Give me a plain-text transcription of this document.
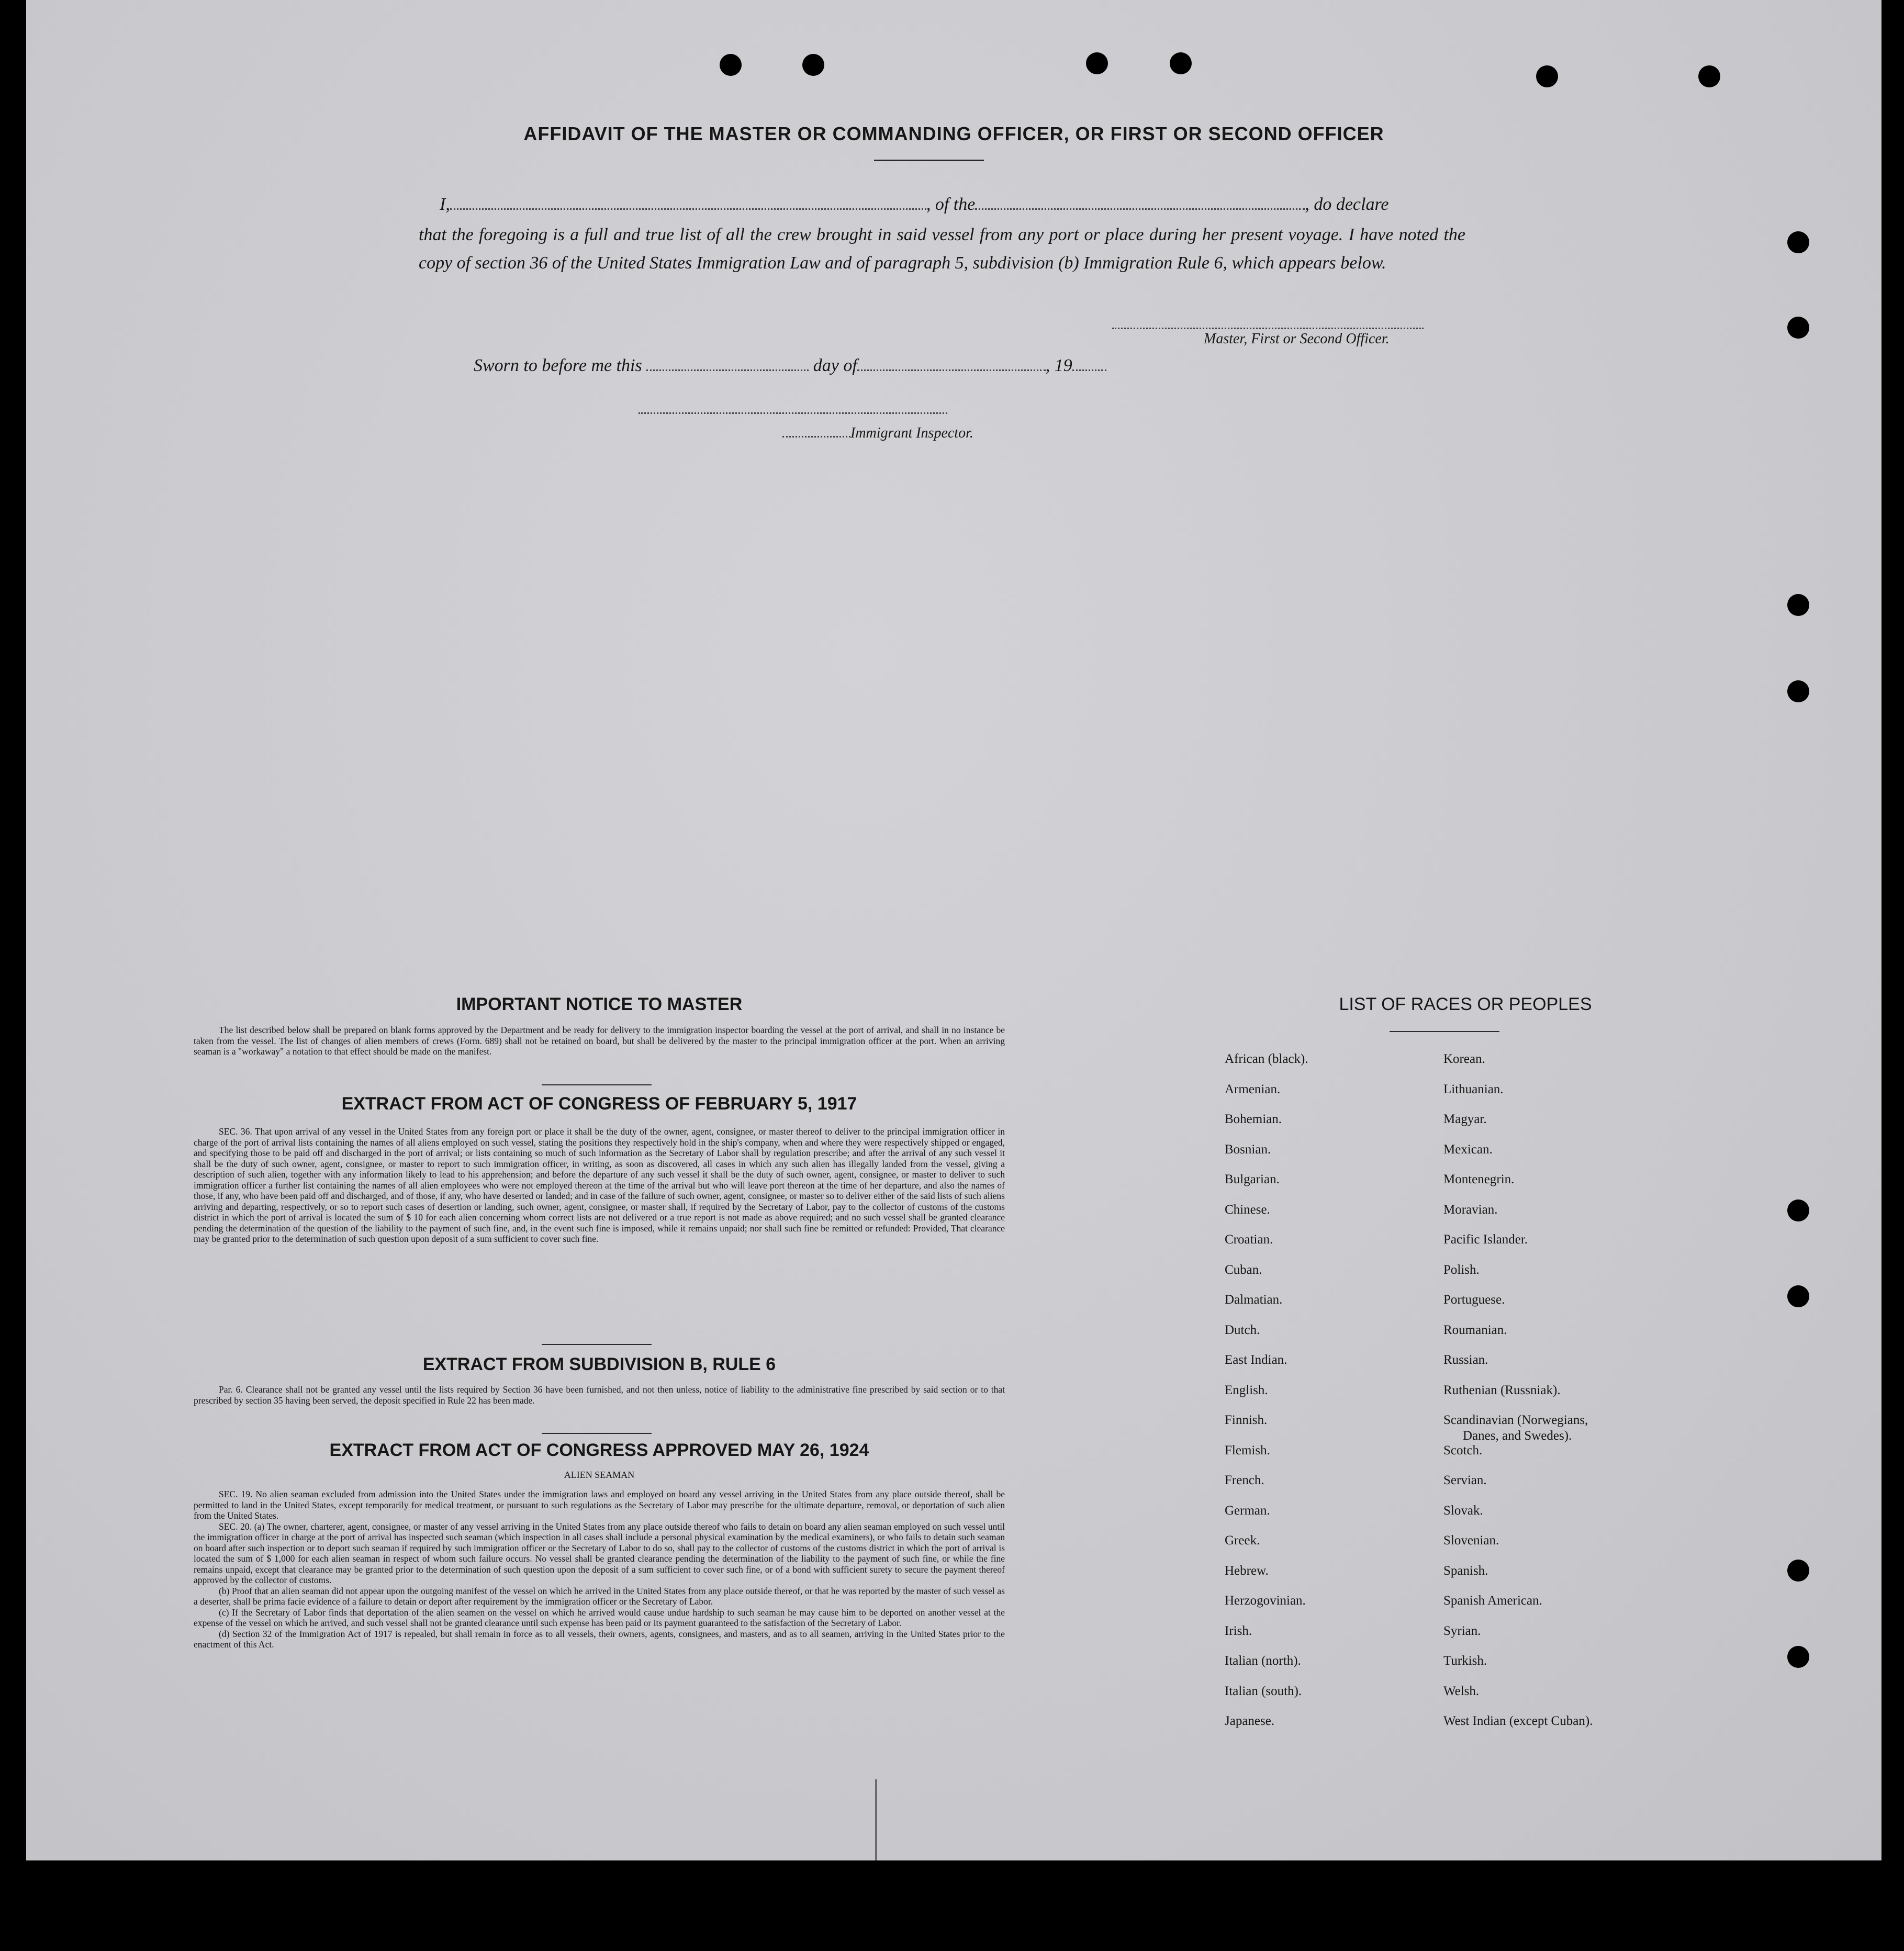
AFFIDAVIT OF THE MASTER OR COMMANDING OFFICER, OR FIRST OR SECOND OFFICER
I,	, of the	, do declare
that the foregoing is a full and true list of all the crew brought in said vessel from any port or place during her present voyage. I have noted the copy of section 36 of the United States Immigration Law and of paragraph 5, subdivision (b) Immigration Rule 6, which appears below.
Master, First or Second Officer.
Sworn to before me this	day of	, 19
Immigrant Inspector.
IMPORTANT NOTICE TO MASTER

The list described below shall be prepared on blank forms approved by the Department and be ready for delivery to the immigration inspector boarding the vessel at the port of arrival, and shall in no instance be taken from the vessel. The list of changes of alien members of crews (Form. 689) shall not be retained on board, but shall be delivered by the master to the principal immigration officer at the port. When an arriving seaman is a "workaway" a notation to that effect should be made on the manifest.

EXTRACT FROM ACT OF CONGRESS OF FEBRUARY 5, 1917

SEC. 36. That upon arrival of any vessel in the United States from any foreign port or place it shall be the duty of the owner, agent, consignee, or master thereof to deliver to the principal immigration officer in charge of the port of arrival lists containing the names of all aliens employed on such vessel, stating the positions they respectively hold in the ship's company, when and where they were respectively shipped or engaged, and specifying those to be paid off and discharged in the port of arrival; or lists containing so much of such information as the Secretary of Labor shall by regulation prescribe; and after the arrival of any such vessel it shall be the duty of such owner, agent, consignee, or master to report to such immigration officer, in writing, as soon as discovered, all cases in which any such alien has illegally landed from the vessel, giving a description of such alien, together with any information likely to lead to his apprehension; and before the departure of any such vessel it shall be the duty of such owner, agent, consignee, or master to deliver to such immigration officer a further list containing the names of all alien employees who were not employed thereon at the time of the arrival but who will leave port thereon at the time of her departure, and also the names of those, if any, who have been paid off and discharged, and of those, if any, who have deserted or landed; and in case of the failure of such owner, agent, consignee, or master so to deliver either of the said lists of such aliens arriving and departing, respectively, or so to report such cases of desertion or landing, such owner, agent, consignee, or master shall, if required by the Secretary of Labor, pay to the collector of customs of the customs district in which the port of arrival is located the sum of $ 10 for each alien concerning whom correct lists are not delivered or a true report is not made as above required; and no such vessel shall be granted clearance pending the determination of the question of the liability to the payment of such fine, and, in the event such fine is imposed, while it remains unpaid; nor shall such fine be remitted or refunded: Provided, That clearance may be granted prior to the determination of such question upon deposit of a sum sufficient to cover such fine.

EXTRACT FROM SUBDIVISION B, RULE 6

Par. 6. Clearance shall not be granted any vessel until the lists required by Section 36 have been furnished, and not then unless, notice of liability to the administrative fine prescribed by said section or to that prescribed by section 35 having been served, the deposit specified in Rule 22 has been made.

EXTRACT FROM ACT OF CONGRESS APPROVED MAY 26, 1924
ALIEN SEAMAN

SEC. 19. No alien seaman excluded from admission into the United States under the immigration laws and employed on board any vessel arriving in the United States from any place outside thereof, shall be permitted to land in the United States, except temporarily for medical treatment, or pursuant to such regulations as the Secretary of Labor may prescribe for the ultimate departure, removal, or deportation of such alien from the United States.

SEC. 20. (a) The owner, charterer, agent, consignee, or master of any vessel arriving in the United States from any place outside thereof who fails to detain on board any alien seaman employed on such vessel until the immigration officer in charge at the port of arrival has inspected such seaman (which inspection in all cases shall include a personal physical examination by the medical examiners), or who fails to detain such seaman on board after such inspection or to deport such seaman if required by such immigration officer or the Secretary of Labor to do so, shall pay to the collector of customs of the customs district in which the port of arrival is located the sum of $ 1,000 for each alien seaman in respect of whom such failure occurs. No vessel shall be granted clearance pending the determination of the liability to the payment of such fine, or while the fine remains unpaid, except that clearance may be granted prior to the determination of such question upon the deposit of a sum sufficient to cover such fine, or of a bond with sufficient surety to secure the payment thereof approved by the collector of customs.

(b) Proof that an alien seaman did not appear upon the outgoing manifest of the vessel on which he arrived in the United States from any place outside thereof, or that he was reported by the master of such vessel as a deserter, shall be prima facie evidence of a failure to detain or deport after requirement by the immigration officer or the Secretary of Labor.

(c) If the Secretary of Labor finds that deportation of the alien seamen on the vessel on which he arrived would cause undue hardship to such seaman he may cause him to be deported on another vessel at the expense of the vessel on which he arrived, and such vessel shall not be granted clearance until such expense has been paid or its payment guaranteed to the satisfaction of the Secretary of Labor.

(d) Section 32 of the Immigration Act of 1917 is repealed, but shall remain in force as to all vessels, their owners, agents, consignees, and masters, and as to all seamen, arriving in the United States prior to the enactment of this Act.

LIST OF RACES OR PEOPLES
African (black).
Armenian.
Bohemian.
Bosnian.
Bulgarian.
Chinese.
Croatian.
Cuban.
Dalmatian.
Dutch.
East Indian.
English.
Finnish.
Flemish.
French.
German.
Greek.
Hebrew.
Herzogovinian.
Irish.
Italian (north).
Italian (south).
Japanese.
Korean.
Lithuanian.
Magyar.
Mexican.
Montenegrin.
Moravian.
Pacific Islander.
Polish.
Portuguese.
Roumanian.
Russian.
Ruthenian (Russniak).
Scandinavian (Norwegians,
Danes, and Swedes).
Scotch.
Servian.
Slovak.
Slovenian.
Spanish.
Spanish American.
Syrian.
Turkish.
Welsh.
West Indian (except Cuban).
